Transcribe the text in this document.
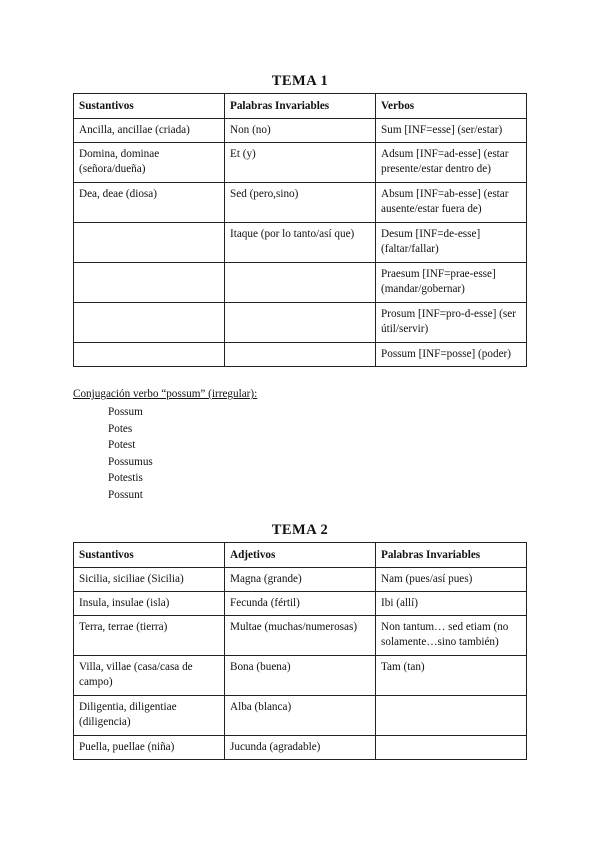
TEMA 1
Sustantivos	Palabras Invariables	Verbos
Ancilla, ancillae (criada)	Non (no)	Sum [INF=esse] (ser/estar)
Domina, dominae (señora/dueña)	Et (y)	Adsum [INF=ad-esse] (estar presente/estar dentro de)
Dea, deae (diosa)	Sed (pero,sino)	Absum [INF=ab-esse] (estar ausente/estar fuera de)
	Itaque (por lo tanto/así que)	Desum [INF=de-esse] (faltar/fallar)
		Praesum [INF=prae-esse] (mandar/gobernar)
		Prosum [INF=pro-d-esse] (ser útil/servir)
		Possum [INF=posse] (poder)

Conjugación verbo “possum” (irregular):

Possum
Potes
Potest
Possumus
Potestis
Possunt
TEMA 2
Sustantivos	Adjetivos	Palabras Invariables
Sicilia, siciliae (Sicilia)	Magna (grande)	Nam (pues/así pues)
Insula, insulae (isla)	Fecunda (fértil)	Ibi (allí)
Terra, terrae (tierra)	Multae (muchas/numerosas)	Non tantum… sed etiam (no solamente…sino también)
Villa, villae (casa/casa de campo)	Bona (buena)	Tam (tan)
Diligentia, diligentiae (diligencia)	Alba (blanca)	
Puella, puellae (niña)	Jucunda (agradable)	
